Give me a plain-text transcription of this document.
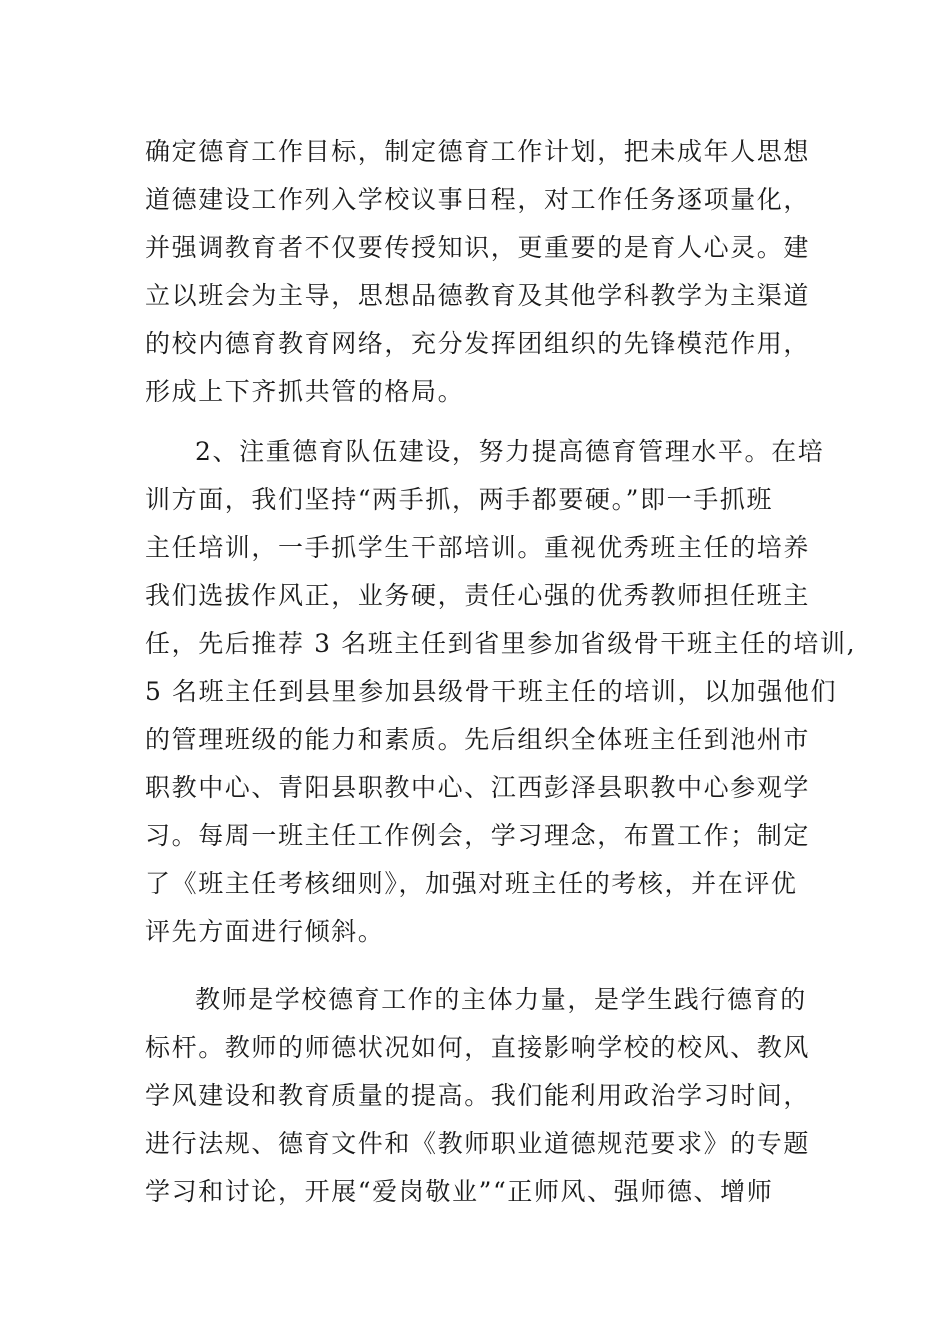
确定德育工作目标，制定德育工作计划，把未成年人思想
道德建设工作列入学校议事日程，对工作任务逐项量化，
并强调教育者不仅要传授知识，更重要的是育人心灵。建
立以班会为主导，思想品德教育及其他学科教学为主渠道
的校内德育教育网络，充分发挥团组织的先锋模范作用，
形成上下齐抓共管的格局。
2、注重德育队伍建设，努力提高德育管理水平。在培
训方面，我们坚持“两手抓，两手都要硬。”即一手抓班
主任培训，一手抓学生干部培训。重视优秀班主任的培养
我们选拔作风正，业务硬，责任心强的优秀教师担任班主
任，先后推荐 3 名班主任到省里参加省级骨干班主任的培训,
5 名班主任到县里参加县级骨干班主任的培训，以加强他们
的管理班级的能力和素质。先后组织全体班主任到池州市
职教中心、青阳县职教中心、江西彭泽县职教中心参观学
习。每周一班主任工作例会，学习理念，布置工作；制定
了《班主任考核细则》，加强对班主任的考核，并在评优
评先方面进行倾斜。
教师是学校德育工作的主体力量，是学生践行德育的
标杆。教师的师德状况如何，直接影响学校的校风、教风
学风建设和教育质量的提高。我们能利用政治学习时间，
进行法规、德育文件和《教师职业道德规范要求》的专题
学习和讨论，开展“爱岗敬业”“正师风、强师德、增师
